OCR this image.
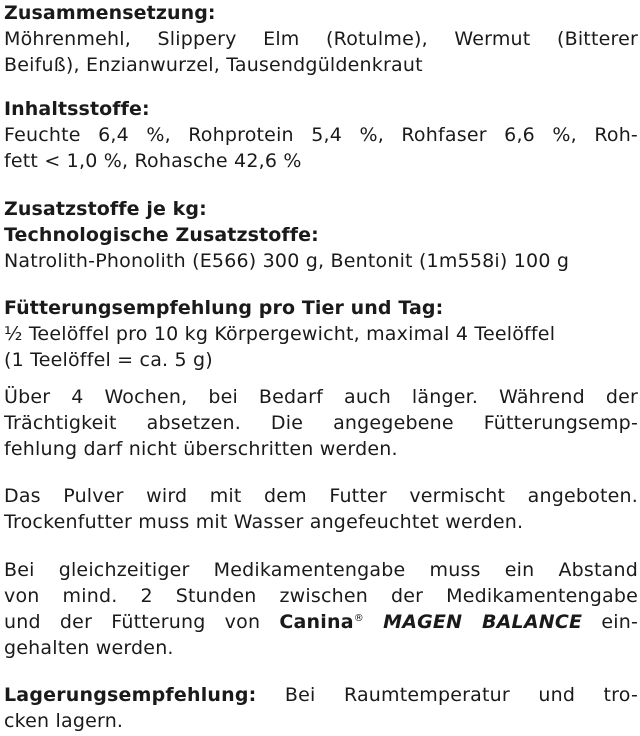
Zusammensetzung:
Möhrenmehl, Slippery Elm (Rotulme), Wermut (Bitterer
Beifuß), Enzianwurzel, Tausendgüldenkraut
Inhaltsstoffe:
Feuchte 6,4 %, Rohprotein 5,4 %, Rohfaser 6,6 %, Roh-
fett < 1,0 %, Rohasche 42,6 %
Zusatzstoffe je kg:
Technologische Zusatzstoffe:
Natrolith-Phonolith (E566) 300 g, Bentonit (1m558i) 100 g
Fütterungsempfehlung pro Tier und Tag:
½ Teelöffel pro 10 kg Körpergewicht, maximal 4 Teelöffel
(1 Teelöffel = ca. 5 g)
Über 4 Wochen, bei Bedarf auch länger. Während der
Trächtigkeit absetzen. Die angegebene Fütterungsemp-
fehlung darf nicht überschritten werden.
Das Pulver wird mit dem Futter vermischt angeboten.
Trockenfutter muss mit Wasser angefeuchtet werden.
Bei gleichzeitiger Medikamentengabe muss ein Abstand
von mind. 2 Stunden zwischen der Medikamentengabe
und der Fütterung von Canina® MAGEN BALANCE ein-
gehalten werden.
Lagerungsempfehlung: Bei Raumtemperatur und tro-
cken lagern.
